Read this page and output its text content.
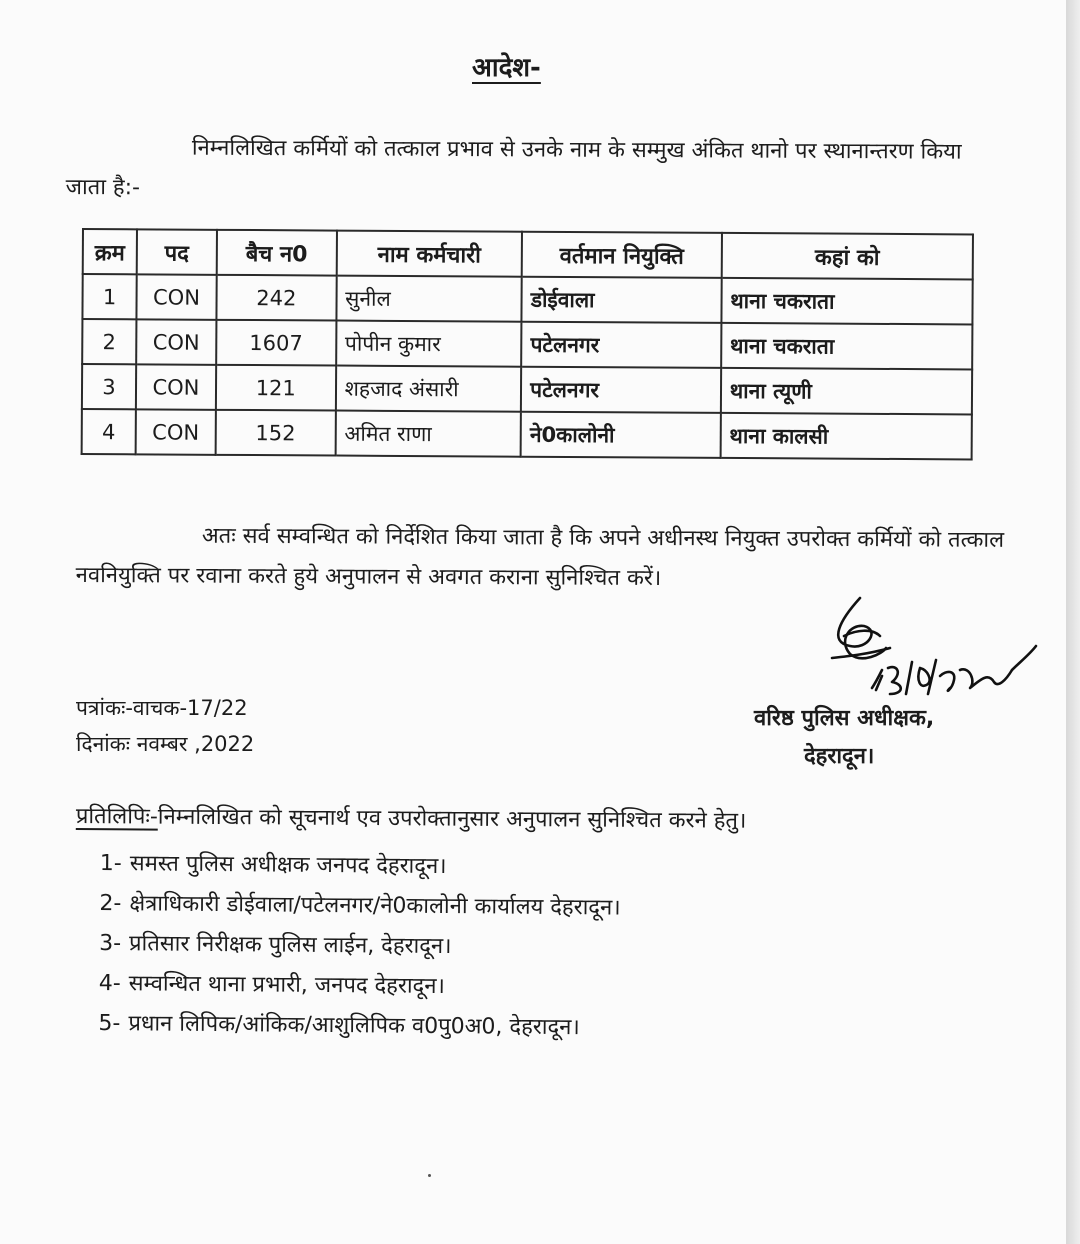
आदेश-
निम्नलिखित कर्मियों को तत्काल प्रभाव से उनके नाम के सम्मुख अंकित थानो पर स्थानान्तरण किया जाता है:-
क्रम	पद	बैच न0	नाम कर्मचारी	वर्तमान नियुक्ति	कहां को
1	CON	242	सुनील	डोईवाला	थाना चकराता
2	CON	1607	पोपीन कुमार	पटेलनगर	थाना चकराता
3	CON	121	शहजाद अंसारी	पटेलनगर	थाना त्यूणी
4	CON	152	अमित राणा	ने0कालोनी	थाना कालसी
अतः सर्व सम्वन्धित को निर्देशित किया जाता है कि अपने अधीनस्थ नियुक्त उपरोक्त कर्मियों को तत्काल नवनियुक्ति पर रवाना करते हुये अनुपालन से अवगत कराना सुनिश्चित करें।
पत्रांकः-वाचक-17/22
दिनांकः नवम्बर ,2022
वरिष्ठ पुलिस अधीक्षक,
देहरादून।
प्रतिलिपिः-निम्नलिखित को सूचनार्थ एव उपरोक्तानुसार अनुपालन सुनिश्चित करने हेतु।
1- समस्त पुलिस अधीक्षक जनपद देहरादून।
2- क्षेत्राधिकारी डोईवाला/पटेलनगर/ने0कालोनी कार्यालय देहरादून।
3- प्रतिसार निरीक्षक पुलिस लाईन, देहरादून।
4- सम्वन्धित थाना प्रभारी, जनपद देहरादून।
5- प्रधान लिपिक/आंकिक/आशुलिपिक व0पु0अ0, देहरादून।
